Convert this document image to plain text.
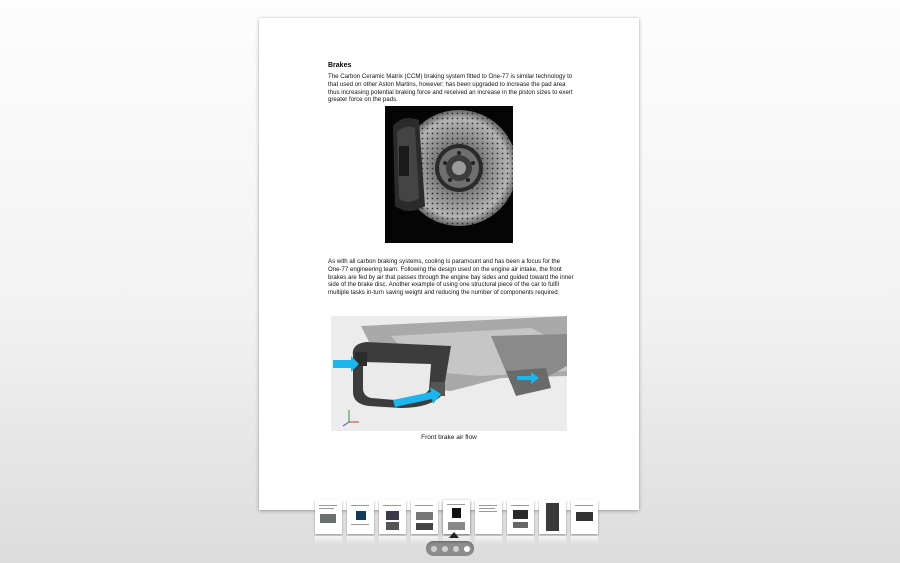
Brakes

The Carbon Ceramic Matrix (CCM) braking system fitted to One-77 is similar technology to that used on other Aston Martins, however; has been upgraded to increase the pad area thus increasing potential braking force and received an increase in the piston sizes to exert greater force on the pads.

As with all carbon braking systems, cooling is paramount and has been a focus for the One-77 engineering team. Following the design used on the engine air intake, the front brakes are fed by air that passes through the engine bay sides and guided toward the inner side of the brake disc. Another example of using one structural piece of the car to fulfil multiple tasks in-turn saving weight and reducing the number of components required.

Front brake air flow
